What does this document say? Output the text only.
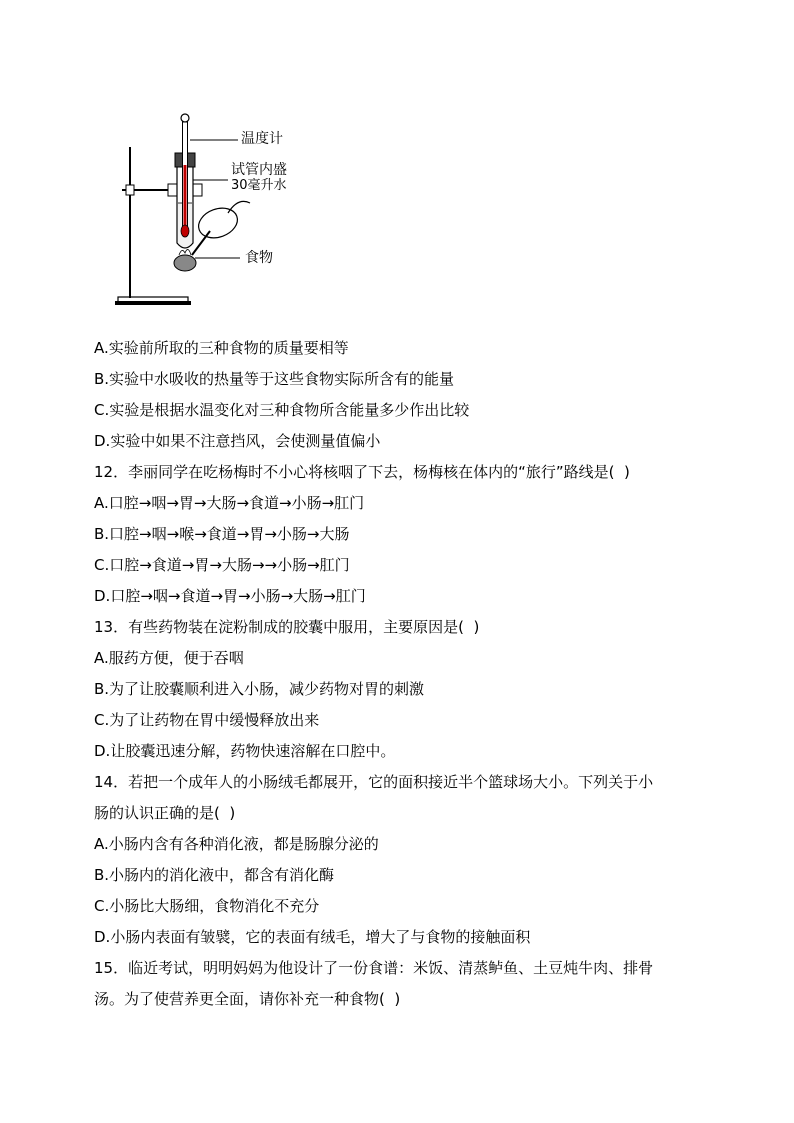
温度计
试管内盛
30毫升水
食物
A.实验前所取的三种食物的质量要相等
B.实验中水吸收的热量等于这些食物实际所含有的能量
C.实验是根据水温变化对三种食物所含能量多少作出比较
D.实验中如果不注意挡风，会使测量值偏小
12．李丽同学在吃杨梅时不小心将核咽了下去，杨梅核在体内的“旅行”路线是(  )
A.口腔→咽→胃→大肠→食道→小肠→肛门
B.口腔→咽→喉→食道→胃→小肠→大肠
C.口腔→食道→胃→大肠→→小肠→肛门
D.口腔→咽→食道→胃→小肠→大肠→肛门
13．有些药物装在淀粉制成的胶囊中服用，主要原因是(  )
A.服药方便，便于吞咽
B.为了让胶囊顺利进入小肠，减少药物对胃的刺激
C.为了让药物在胃中缓慢释放出来
D.让胶囊迅速分解，药物快速溶解在口腔中。
14．若把一个成年人的小肠绒毛都展开，它的面积接近半个篮球场大小。下列关于小
肠的认识正确的是(  )
A.小肠内含有各种消化液，都是肠腺分泌的
B.小肠内的消化液中，都含有消化酶
C.小肠比大肠细，食物消化不充分
D.小肠内表面有皱襞，它的表面有绒毛，增大了与食物的接触面积
15．临近考试，明明妈妈为他设计了一份食谱：米饭、清蒸鲈鱼、土豆炖牛肉、排骨
汤。为了使营养更全面，请你补充一种食物(  )
